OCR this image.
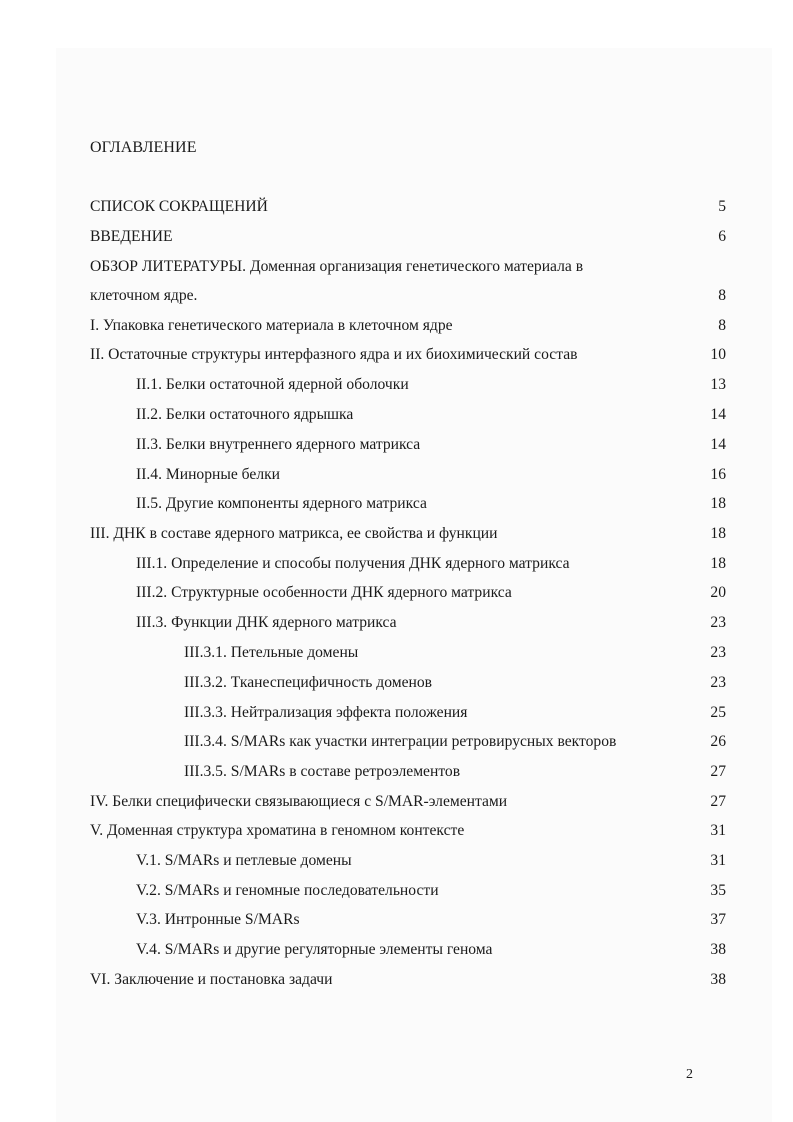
ОГЛАВЛЕНИЕ
СПИСОК СОКРАЩЕНИЙ	5
ВВЕДЕНИЕ	6
ОБЗОР ЛИТЕРАТУРЫ. Доменная организация генетического материала в
клеточном ядре.	8
I. Упаковка генетического материала в клеточном ядре	8
II. Остаточные структуры интерфазного ядра и их биохимический состав	10
II.1. Белки остаточной ядерной оболочки	13
II.2. Белки остаточного ядрышка	14
II.3. Белки внутреннего ядерного матрикса	14
II.4. Минорные белки	16
II.5. Другие компоненты ядерного матрикса	18
III. ДНК в составе ядерного матрикса, ее свойства и функции	18
III.1. Определение и способы получения ДНК ядерного матрикса	18
III.2. Структурные особенности ДНК ядерного матрикса	20
III.3. Функции ДНК ядерного матрикса	23
III.3.1. Петельные домены	23
III.3.2. Тканеспецифичность доменов	23
III.3.3. Нейтрализация эффекта положения	25
III.3.4. S/MARs как участки интеграции ретровирусных векторов	26
III.3.5. S/MARs в составе ретроэлементов	27
IV. Белки специфически связывающиеся с S/MAR-элементами	27
V. Доменная структура хроматина в геномном контексте	31
V.1. S/MARs и петлевые домены	31
V.2. S/MARs и геномные последовательности	35
V.3. Интронные S/MARs	37
V.4. S/MARs и другие регуляторные элементы генома	38
VI. Заключение и постановка задачи	38
2
